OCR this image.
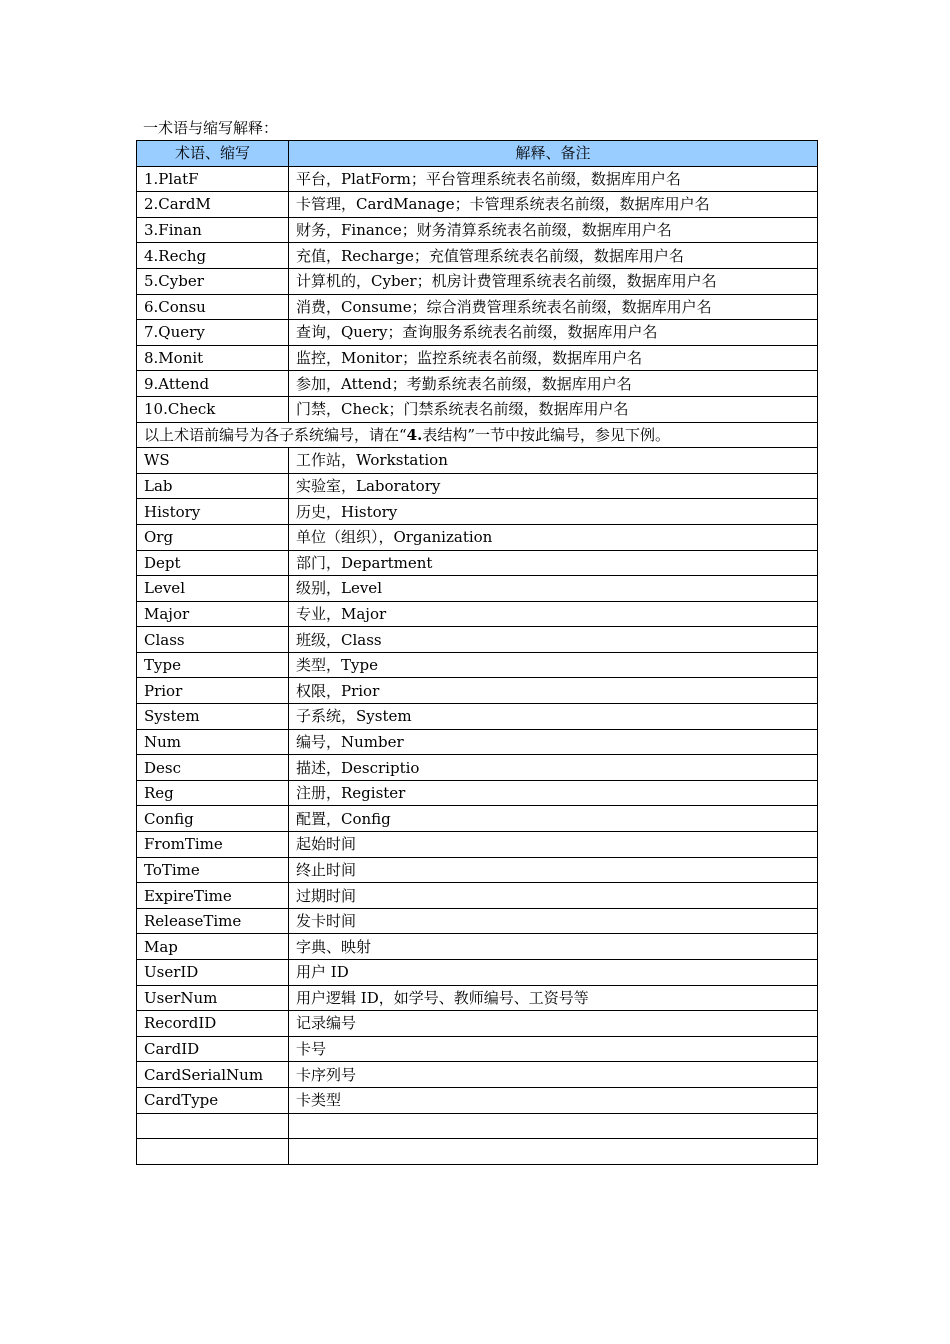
一术语与缩写解释：
术语、缩写	解释、备注
1.PlatF	平台，PlatForm；平台管理系统表名前缀，数据库用户名
2.CardM	卡管理，CardManage；卡管理系统表名前缀，数据库用户名
3.Finan	财务，Finance；财务清算系统表名前缀，数据库用户名
4.Rechg	充值，Recharge；充值管理系统表名前缀，数据库用户名
5.Cyber	计算机的，Cyber；机房计费管理系统表名前缀，数据库用户名
6.Consu	消费，Consume；综合消费管理系统表名前缀，数据库用户名
7.Query	查询，Query；查询服务系统表名前缀，数据库用户名
8.Monit	监控，Monitor；监控系统表名前缀，数据库用户名
9.Attend	参加，Attend；考勤系统表名前缀，数据库用户名
10.Check	门禁，Check；门禁系统表名前缀，数据库用户名
以上术语前编号为各子系统编号，请在“4.表结构”一节中按此编号，参见下例。	
WS	工作站，Workstation
Lab	实验室，Laboratory
History	历史，History
Org	单位（组织），Organization
Dept	部门，Department
Level	级别，Level
Major	专业，Major
Class	班级，Class
Type	类型，Type
Prior	权限，Prior
System	子系统，System
Num	编号，Number
Desc	描述，Descriptio
Reg	注册，Register
Config	配置，Config
FromTime	起始时间
ToTime	终止时间
ExpireTime	过期时间
ReleaseTime	发卡时间
Map	字典、映射
UserID	用户 ID
UserNum	用户逻辑 ID，如学号、教师编号、工资号等
RecordID	记录编号
CardID	卡号
CardSerialNum	卡序列号
CardType	卡类型
